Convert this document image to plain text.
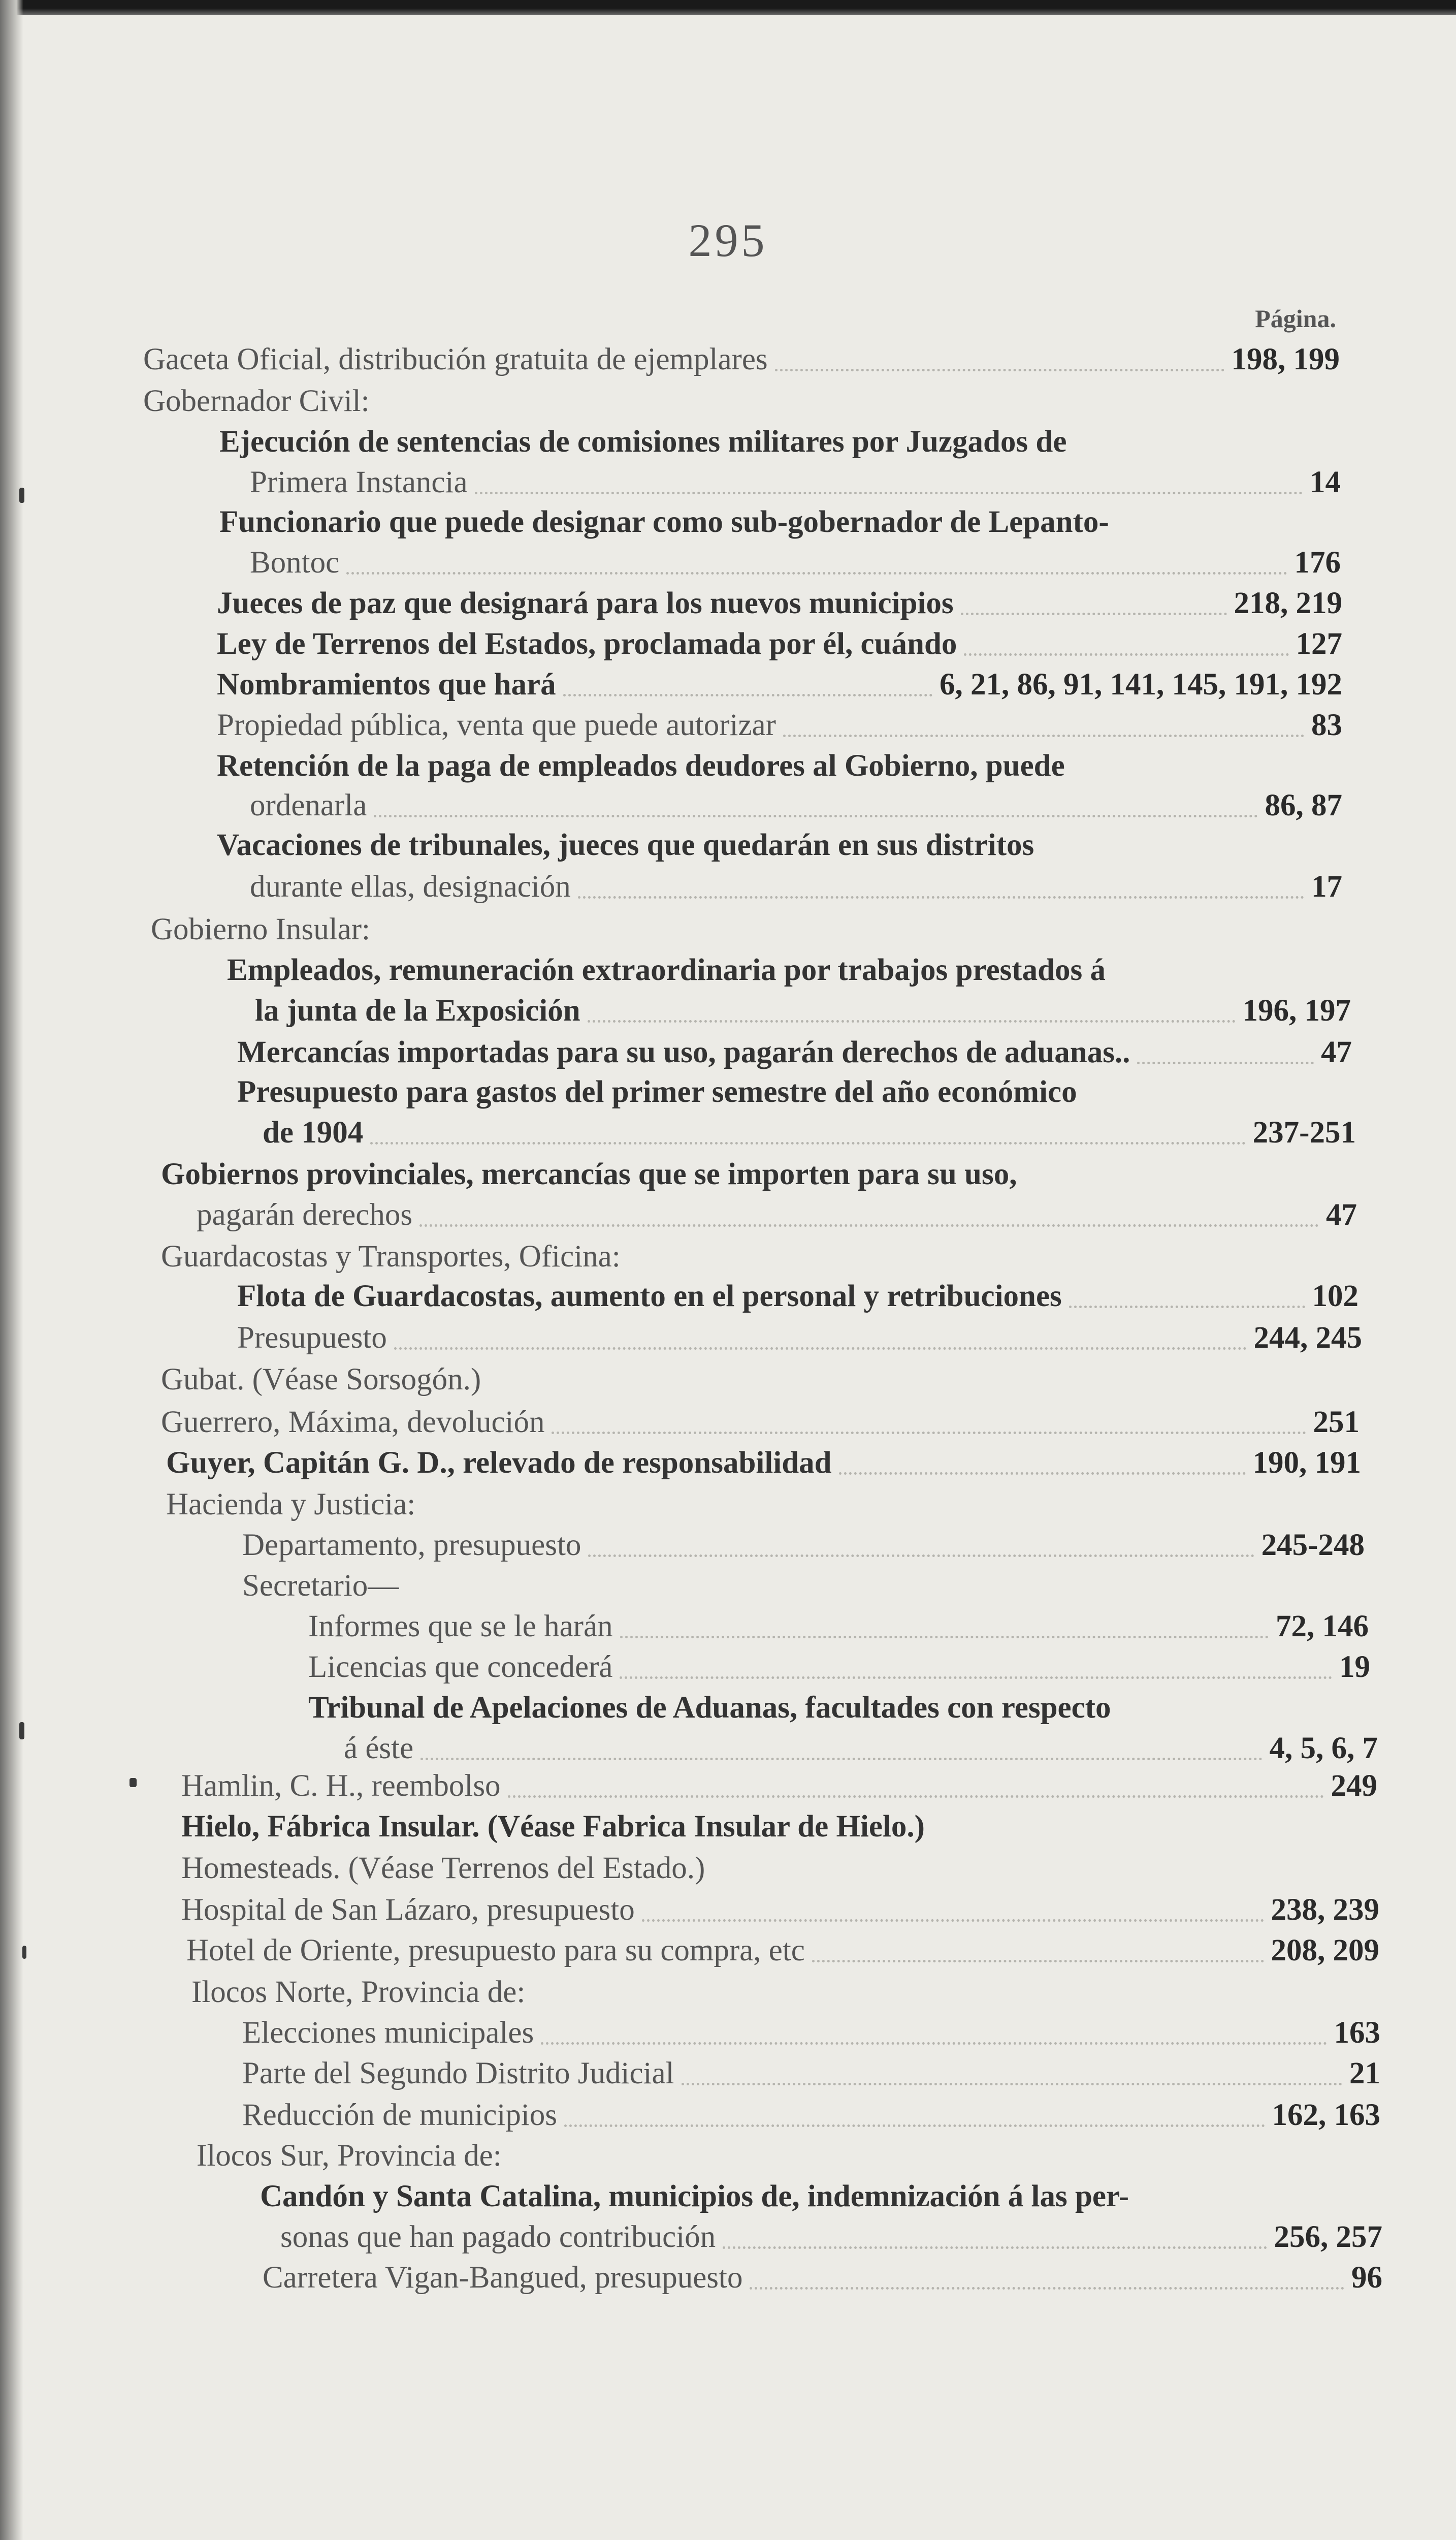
295
Página.
Gaceta Oficial, distribución gratuita de ejemplares	198, 199
Gobernador Civil:
Ejecución de sentencias de comisiones militares por Juzgados de
Primera Instancia	14
Funcionario que puede designar como sub-gobernador de Lepanto-
Bontoc	176
Jueces de paz que designará para los nuevos municipios	218, 219
Ley de Terrenos del Estados, proclamada por él, cuándo	127
Nombramientos que hará	6, 21, 86, 91, 141, 145, 191, 192
Propiedad pública, venta que puede autorizar	83
Retención de la paga de empleados deudores al Gobierno, puede
ordenarla	86, 87
Vacaciones de tribunales, jueces que quedarán en sus distritos
durante ellas, designación	17
Gobierno Insular:
Empleados, remuneración extraordinaria por trabajos prestados á
la junta de la Exposición	196, 197
Mercancías importadas para su uso, pagarán derechos de aduanas..	47
Presupuesto para gastos del primer semestre del año económico
de 1904	237-251
Gobiernos provinciales, mercancías que se importen para su uso,
pagarán derechos	47
Guardacostas y Transportes, Oficina:
Flota de Guardacostas, aumento en el personal y retribuciones	102
Presupuesto	244, 245
Gubat. (Véase Sorsogón.)
Guerrero, Máxima, devolución	251
Guyer, Capitán G. D., relevado de responsabilidad	190, 191
Hacienda y Justicia:
Departamento, presupuesto	245-248
Secretario—
Informes que se le harán	72, 146
Licencias que concederá	19
Tribunal de Apelaciones de Aduanas, facultades con respecto
á éste	4, 5, 6, 7
Hamlin, C. H., reembolso	249
Hielo, Fábrica Insular. (Véase Fabrica Insular de Hielo.)
Homesteads. (Véase Terrenos del Estado.)
Hospital de San Lázaro, presupuesto	238, 239
Hotel de Oriente, presupuesto para su compra, etc	208, 209
Ilocos Norte, Provincia de:
Elecciones municipales	163
Parte del Segundo Distrito Judicial	21
Reducción de municipios	162, 163
Ilocos Sur, Provincia de:
Candón y Santa Catalina, municipios de, indemnización á las per-
sonas que han pagado contribución	256, 257
Carretera Vigan-Bangued, presupuesto	96
